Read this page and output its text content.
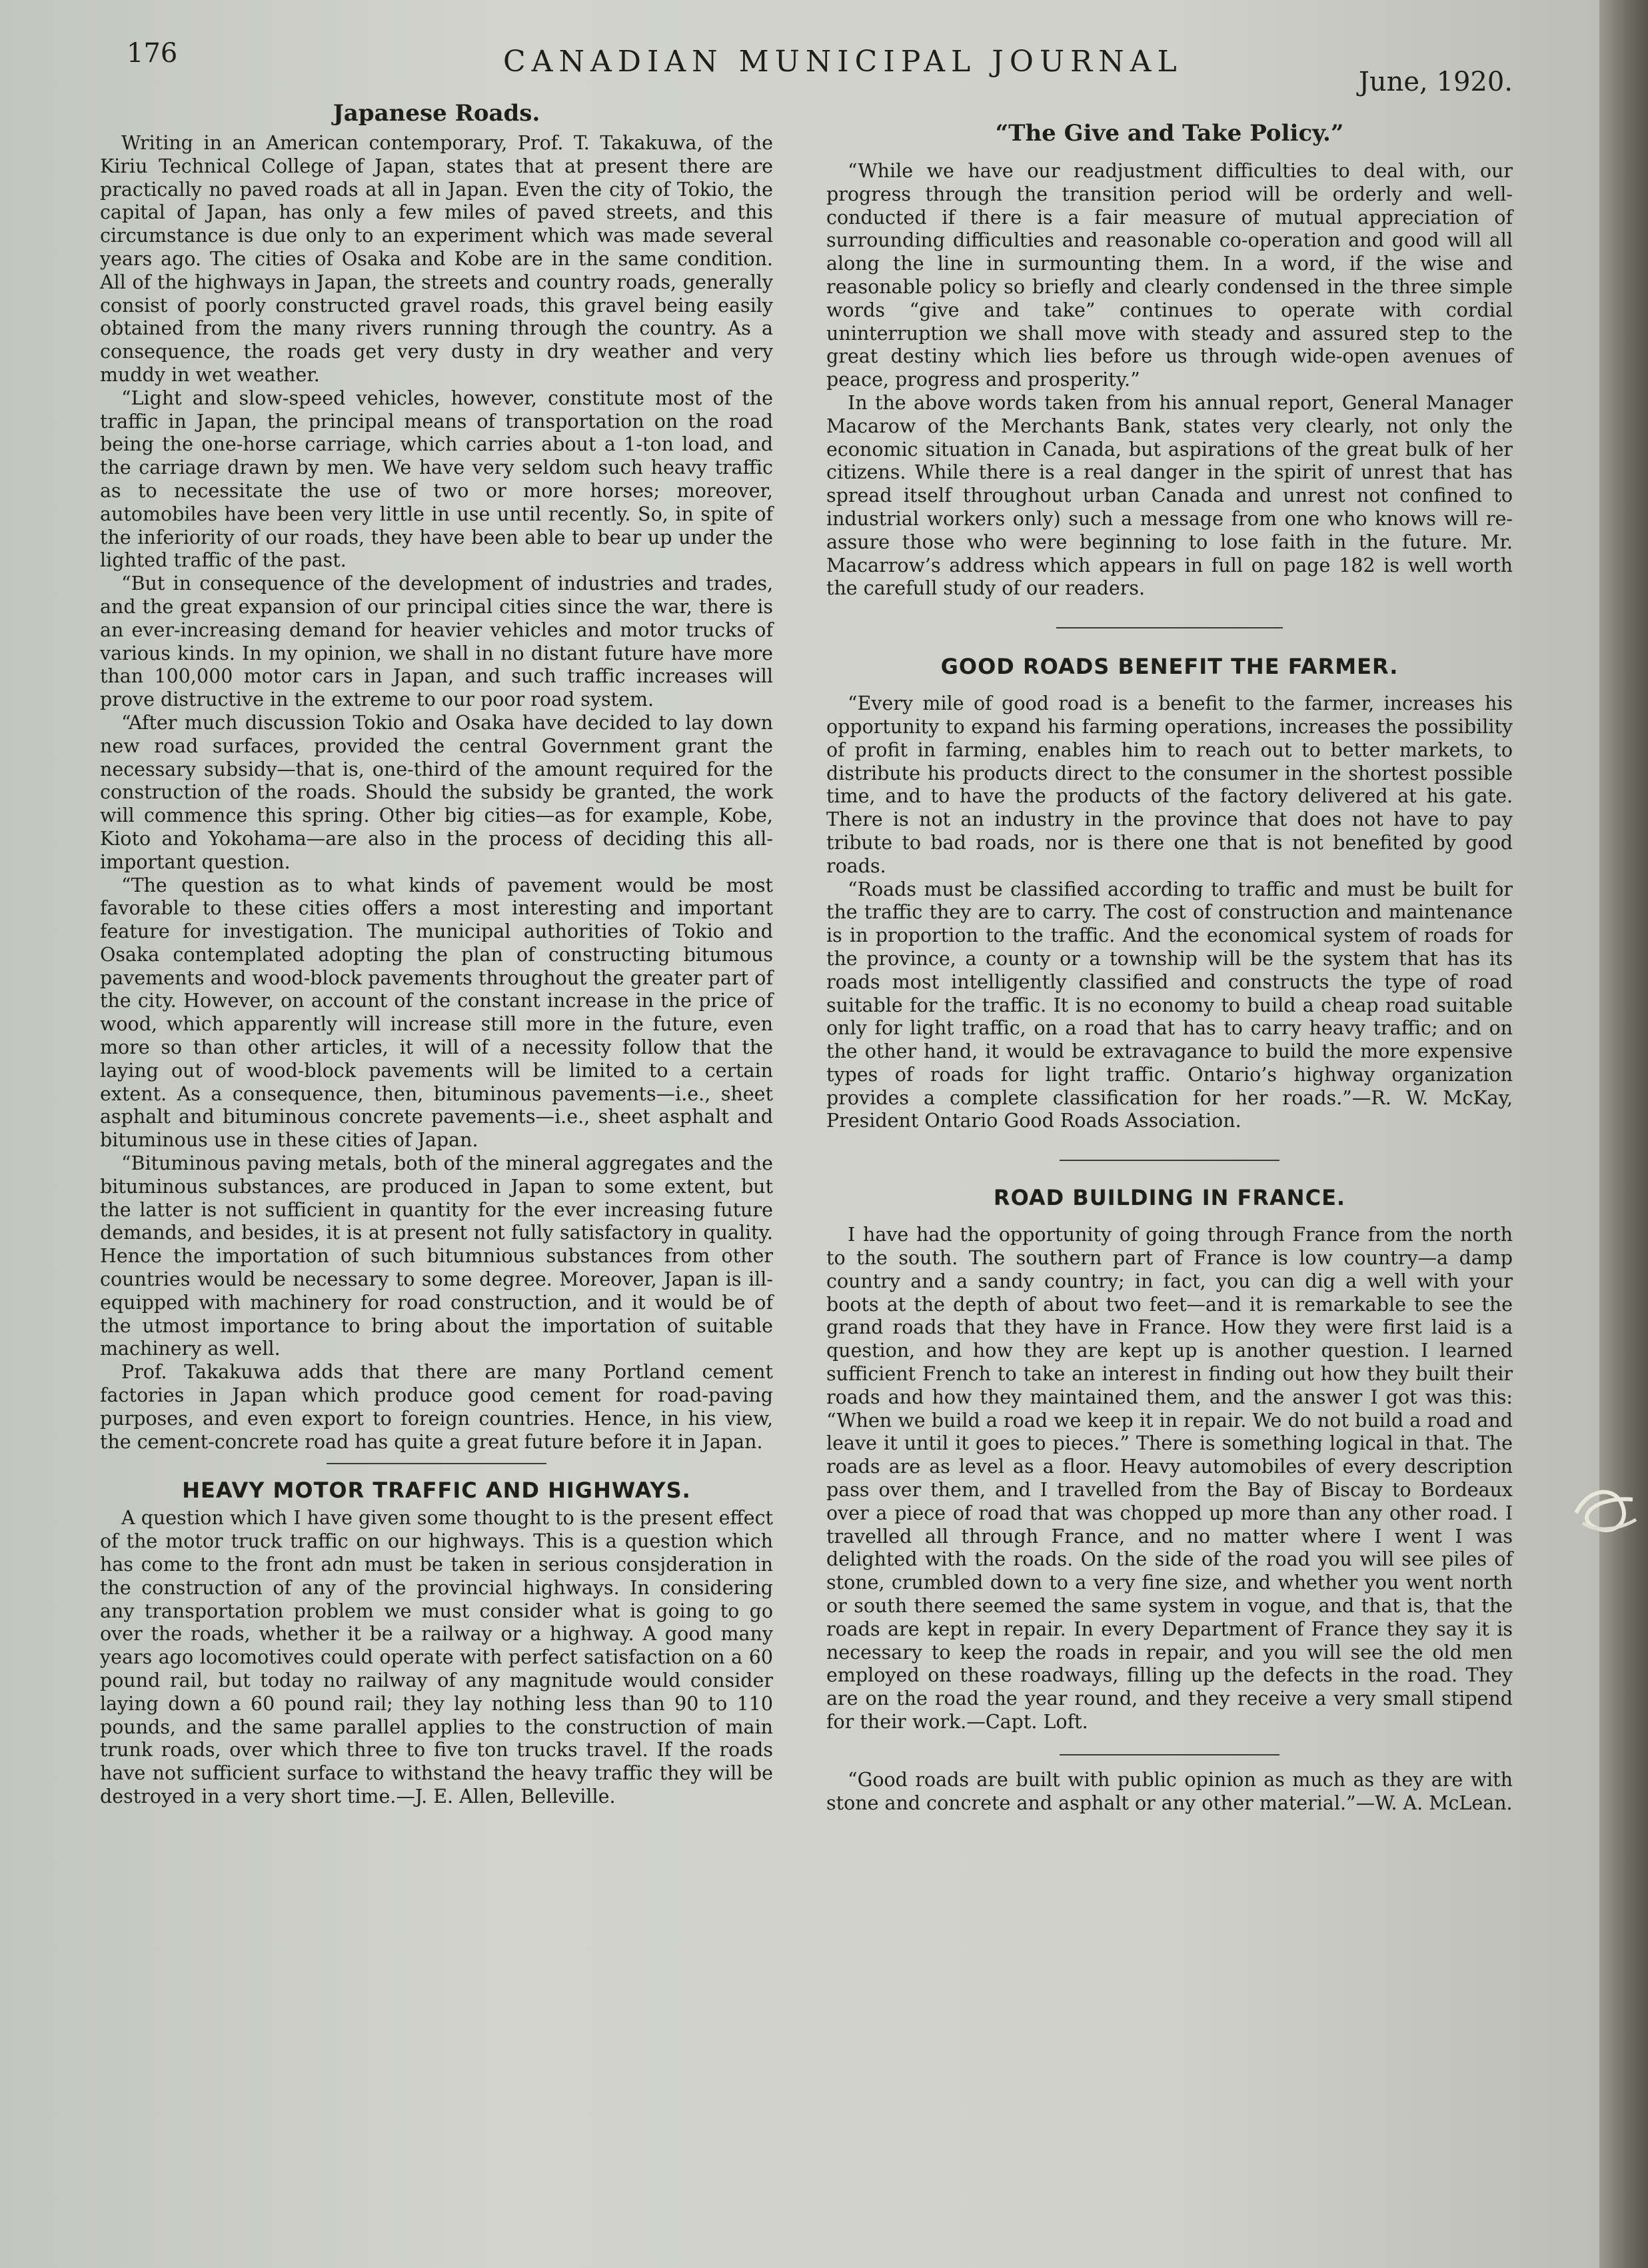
176	CANADIAN MUNICIPAL JOURNAL
June, 1920.
Japanese Roads.

Writing in an American contemporary, Prof. T. Takakuwa, of the Kiriu Technical College of Japan, states that at present there are practically no paved roads at all in Japan. Even the city of Tokio, the capital of Japan, has only a few miles of paved streets, and this circumstance is due only to an experiment which was made several years ago. The cities of Osaka and Kobe are in the same condition. All of the highways in Japan, the streets and country roads, generally consist of poorly constructed gravel roads, this gravel being easily obtained from the many rivers running through the country. As a consequence, the roads get very dusty in dry weather and very muddy in wet weather.

“Light and slow-speed vehicles, however, constitute most of the traffic in Japan, the principal means of transportation on the road being the one-horse carriage, which carries about a 1-ton load, and the carriage drawn by men. We have very seldom such heavy traffic as to necessitate the use of two or more horses; moreover, automobiles have been very little in use until recently. So, in spite of the inferiority of our roads, they have been able to bear up under the lighted traffic of the past.

“But in consequence of the development of industries and trades, and the great expansion of our principal cities since the war, there is an ever-increasing demand for heavier vehicles and motor trucks of various kinds. In my opinion, we shall in no distant future have more than 100,000 motor cars in Japan, and such traffic increases will prove distructive in the extreme to our poor road system.

“After much discussion Tokio and Osaka have decided to lay down new road surfaces, provided the central Government grant the necessary subsidy—that is, one-third of the amount required for the construction of the roads. Should the subsidy be granted, the work will commence this spring. Other big cities—as for example, Kobe, Kioto and Yokohama—are also in the process of deciding this all-important question.

“The question as to what kinds of pavement would be most favorable to these cities offers a most interesting and important feature for investigation. The municipal authorities of Tokio and Osaka contemplated adopting the plan of constructing bitumous pavements and wood-block pavements throughout the greater part of the city. However, on account of the constant increase in the price of wood, which apparently will increase still more in the future, even more so than other articles, it will of a necessity follow that the laying out of wood-block pavements will be limited to a certain extent. As a consequence, then, bituminous pavements—i.e., sheet asphalt and bituminous concrete pavements—i.e., sheet asphalt and bituminous use in these cities of Japan.

“Bituminous paving metals, both of the mineral aggregates and the bituminous substances, are produced in Japan to some extent, but the latter is not sufficient in quantity for the ever increasing future demands, and besides, it is at present not fully satisfactory in quality. Hence the importation of such bitumnious substances from other countries would be necessary to some degree. Moreover, Japan is ill-equipped with machinery for road construction, and it would be of the utmost importance to bring about the importation of suitable machinery as well.

Prof. Takakuwa adds that there are many Portland cement factories in Japan which produce good cement for road-paving purposes, and even export to foreign countries. Hence, in his view, the cement-concrete road has quite a great future before it in Japan.

HEAVY MOTOR TRAFFIC AND HIGHWAYS.

A question which I have given some thought to is the present effect of the motor truck traffic on our highways. This is a question which has come to the front adn must be taken in serious consjderation in the construction of any of the provincial highways. In considering any transportation problem we must consider what is going to go over the roads, whether it be a railway or a highway. A good many years ago locomotives could operate with perfect satisfaction on a 60 pound rail, but today no railway of any magnitude would consider laying down a 60 pound rail; they lay nothing less than 90 to 110 pounds, and the same parallel applies to the construction of main trunk roads, over which three to five ton trucks travel. If the roads have not sufficient surface to withstand the heavy traffic they will be destroyed in a very short time.—J. E. Allen, Belleville.

“The Give and Take Policy.”

“While we have our readjustment difficulties to deal with, our progress through the transition period will be orderly and well-conducted if there is a fair measure of mutual appreciation of surrounding difficulties and reasonable co-operation and good will all along the line in surmounting them. In a word, if the wise and reasonable policy so briefly and clearly condensed in the three simple words “give and take” continues to operate with cordial uninterruption we shall move with steady and assured step to the great destiny which lies before us through wide-open avenues of peace, progress and prosperity.”

In the above words taken from his annual report, General Manager Macarow of the Merchants Bank, states very clearly, not only the economic situation in Canada, but aspirations of the great bulk of her citizens. While there is a real danger in the spirit of unrest that has spread itself throughout urban Canada and unrest not confined to industrial workers only) such a message from one who knows will re-assure those who were beginning to lose faith in the future. Mr. Macarrow’s address which appears in full on page 182 is well worth the carefull study of our readers.

GOOD ROADS BENEFIT THE FARMER.

“Every mile of good road is a benefit to the farmer, increases his opportunity to expand his farming operations, increases the possibility of profit in farming, enables him to reach out to better markets, to distribute his products direct to the consumer in the shortest possible time, and to have the products of the factory delivered at his gate. There is not an industry in the province that does not have to pay tribute to bad roads, nor is there one that is not benefited by good roads.

“Roads must be classified according to traffic and must be built for the traffic they are to carry. The cost of construction and maintenance is in proportion to the traffic. And the economical system of roads for the province, a county or a township will be the system that has its roads most intelligently classified and constructs the type of road suitable for the traffic. It is no economy to build a cheap road suitable only for light traffic, on a road that has to carry heavy traffic; and on the other hand, it would be extravagance to build the more expensive types of roads for light traffic. Ontario’s highway organization provides a complete classification for her roads.”—R. W. McKay, President Ontario Good Roads Association.

ROAD BUILDING IN FRANCE.

I have had the opportunity of going through France from the north to the south. The southern part of France is low country—a damp country and a sandy country; in fact, you can dig a well with your boots at the depth of about two feet—and it is remarkable to see the grand roads that they have in France. How they were first laid is a question, and how they are kept up is another question. I learned sufficient French to take an interest in finding out how they built their roads and how they maintained them, and the answer I got was this: “When we build a road we keep it in repair. We do not build a road and leave it until it goes to pieces.” There is something logical in that. The roads are as level as a floor. Heavy automobiles of every description pass over them, and I travelled from the Bay of Biscay to Bordeaux over a piece of road that was chopped up more than any other road. I travelled all through France, and no matter where I went I was delighted with the roads. On the side of the road you will see piles of stone, crumbled down to a very fine size, and whether you went north or south there seemed the same system in vogue, and that is, that the roads are kept in repair. In every Department of France they say it is necessary to keep the roads in repair, and you will see the old men employed on these roadways, filling up the defects in the road. They are on the road the year round, and they receive a very small stipend for their work.—Capt. Loft.

“Good roads are built with public opinion as much as they are with stone and concrete and asphalt or any other material.”—W. A. McLean.
